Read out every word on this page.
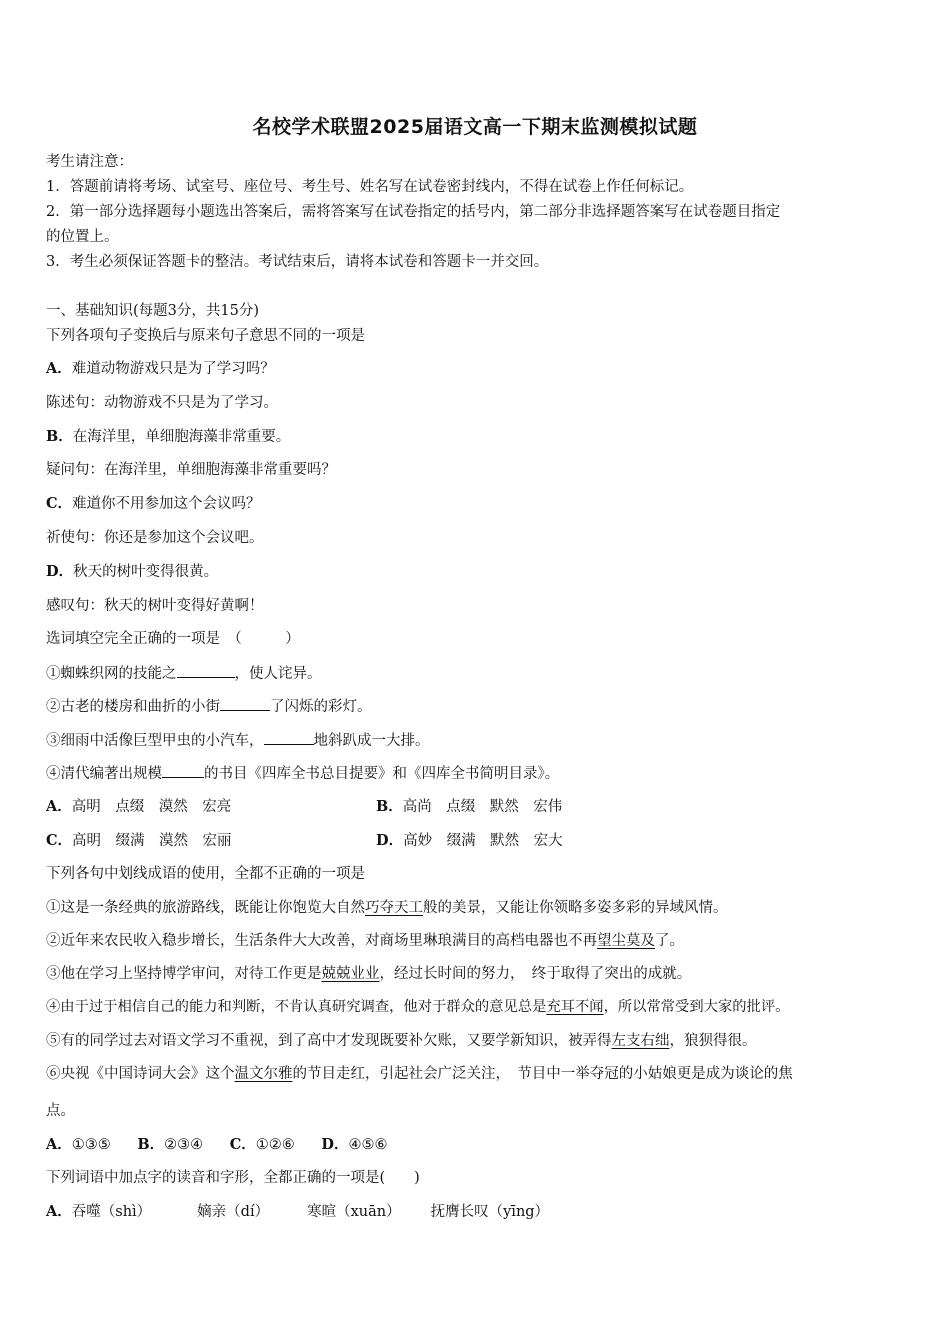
名校学术联盟2025届语文高一下期末监测模拟试题
考生请注意：
1．答题前请将考场、试室号、座位号、考生号、姓名写在试卷密封线内，不得在试卷上作任何标记。
2．第一部分选择题每小题选出答案后，需将答案写在试卷指定的括号内，第二部分非选择题答案写在试卷题目指定
的位置上。
3．考生必须保证答题卡的整洁。考试结束后，请将本试卷和答题卡一并交回。
一、基础知识(每题3分，共15分)
下列各项句子变换后与原来句子意思不同的一项是
A．难道动物游戏只是为了学习吗？
陈述句：动物游戏不只是为了学习。
B．在海洋里，单细胞海藻非常重要。
疑问句：在海洋里，单细胞海藻非常重要吗？
C．难道你不用参加这个会议吗？
祈使句：你还是参加这个会议吧。
D．秋天的树叶变得很黄。
感叹句：秋天的树叶变得好黄啊！
选词填空完全正确的一项是　（　　　）
①蜘蛛织网的技能之	，使人诧异。
②古老的楼房和曲折的小街	了闪烁的彩灯。
③细雨中活像巨型甲虫的小汽车，	地斜趴成一大排。
④清代编著出规模	的书目《四库全书总目提要》和《四库全书简明目录》。
A．高明　点缀　漠然　宏亮	B．高尚　点缀　默然　宏伟
C．高明　缀满　漠然　宏丽	D．高妙　缀满　默然　宏大
下列各句中划线成语的使用，全都不正确的一项是
①这是一条经典的旅游路线，既能让你饱览大自然巧夺天工般的美景，又能让你领略多姿多彩的异域风情。
②近年来农民收入稳步增长，生活条件大大改善，对商场里琳琅满目的高档电器也不再望尘莫及了。
③他在学习上坚持博学审问，对待工作更是兢兢业业，经过长时间的努力，　终于取得了突出的成就。
④由于过于相信自己的能力和判断，不肯认真研究调查，他对于群众的意见总是充耳不闻，所以常常受到大家的批评。
⑤有的同学过去对语文学习不重视，到了高中才发现既要补欠账，又要学新知识，被弄得左支右绌，狼狈得很。
⑥央视《中国诗词大会》这个温文尔雅的节目走红，引起社会广泛关注，　节目中一举夺冠的小姑娘更是成为谈论的焦
点。
A．①③⑤ B．②③④ C．①②⑥ D．④⑤⑥
下列词语中加点字的读音和字形，全都正确的一项是(　　)
A．吞噬（shì）	嫡亲（dí）	寒暄（xuān） 抚膺长叹（yīng）
